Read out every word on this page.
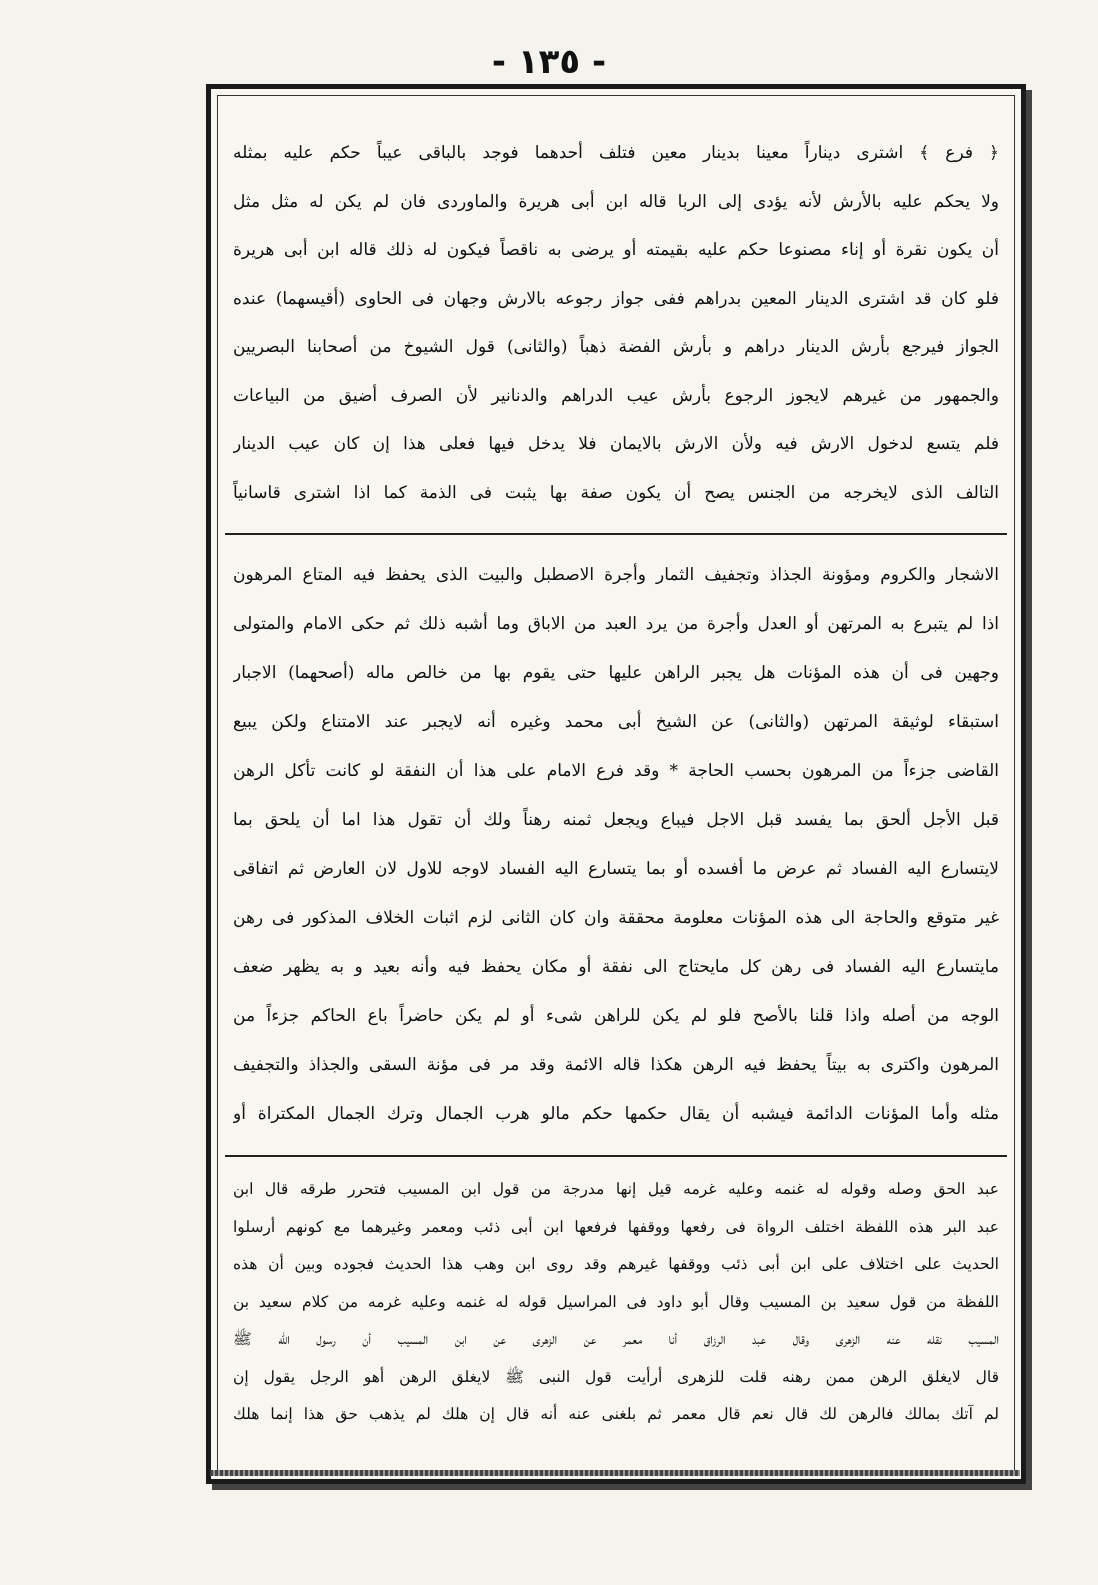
- ١٣٥ -

﴿ فرع ﴾ اشترى ديناراً معينا بدينار معين فتلف أحدهما فوجد بالباقى عيباً حكم عليه بمثله

ولا يحكم عليه بالأرش لأنه يؤدى إلى الربا قاله ابن أبى هريرة والماوردى فان لم يكن له مثل مثل

أن يكون نقرة أو إناء مصنوعا حكم عليه بقيمته أو يرضى به ناقصاً فيكون له ذلك قاله ابن أبى هريرة

فلو كان قد اشترى الدينار المعين بدراهم ففى جواز رجوعه بالارش وجهان فى الحاوى (أقيسهما) عنده

الجواز فيرجع بأرش الدينار دراهم و بأرش الفضة ذهباً (والثانى) قول الشيوخ من أصحابنا البصريين

والجمهور من غيرهم لايجوز الرجوع بأرش عيب الدراهم والدنانير لأن الصرف أضيق من البياعات

فلم يتسع لدخول الارش فيه ولأن الارش بالايمان فلا يدخل فيها فعلى هذا إن كان عيب الدينار

التالف الذى لايخرجه من الجنس يصح أن يكون صفة بها يثبت فى الذمة كما اذا اشترى قاسانياً

الاشجار والكروم ومؤونة الجذاذ وتجفيف الثمار وأجرة الاصطبل والبيت الذى يحفظ فيه المتاع المرهون

اذا لم يتبرع به المرتهن أو العدل وأجرة من يرد العبد من الاباق وما أشبه ذلك ثم حكى الامام والمتولى

وجهين فى أن هذه المؤنات هل يجبر الراهن عليها حتى يقوم بها من خالص ماله (أصحهما) الاجبار

استبقاء لوثيقة المرتهن (والثانى) عن الشيخ أبى محمد وغيره أنه لايجبر عند الامتناع ولكن يبيع

القاضى جزءاً من المرهون بحسب الحاجة * وقد فرع الامام على هذا أن النفقة لو كانت تأكل الرهن

قبل الأجل ألحق بما يفسد قبل الاجل فيباع ويجعل ثمنه رهناً ولك أن تقول هذا اما أن يلحق بما

لايتسارع اليه الفساد ثم عرض ما أفسده أو بما يتسارع اليه الفساد لاوجه للاول لان العارض ثم اتفاقى

غير متوقع والحاجة الى هذه المؤنات معلومة محققة وان كان الثانى لزم اثبات الخلاف المذكور فى رهن

مايتسارع اليه الفساد فى رهن كل مايحتاج الى نفقة أو مكان يحفظ فيه وأنه بعيد و به يظهر ضعف

الوجه من أصله واذا قلنا بالأصح فلو لم يكن للراهن شىء أو لم يكن حاضراً باع الحاكم جزءاً من

المرهون واكترى به بيتاً يحفظ فيه الرهن هكذا قاله الائمة وقد مر فى مؤنة السقى والجذاذ والتجفيف

مثله وأما المؤنات الدائمة فيشبه أن يقال حكمها حكم مالو هرب الجمال وترك الجمال المكتراة أو

عبد الحق وصله وقوله له غنمه وعليه غرمه قيل إنها مدرجة من قول ابن المسيب فتحرر طرقه قال ابن

عبد البر هذه اللفظة اختلف الرواة فى رفعها ووقفها فرفعها ابن أبى ذئب ومعمر وغيرهما مع كونهم أرسلوا

الحديث على اختلاف على ابن أبى ذئب ووقفها غيرهم وقد روى ابن وهب هذا الحديث فجوده وبين أن هذه

اللفظة من قول سعيد بن المسيب وقال أبو داود فى المراسيل قوله له غنمه وعليه غرمه من كلام سعيد بن

المسيب نقله عنه الزهرى وقال عبد الرزاق أنا معمر عن الزهرى عن ابن المسيب أن رسول الله ﷺ

قال لايغلق الرهن ممن رهنه قلت للزهرى أرأيت قول النبى ﷺ لايغلق الرهن أهو الرجل يقول إن

لم آتك بمالك فالرهن لك قال نعم قال معمر ثم بلغنى عنه أنه قال إن هلك لم يذهب حق هذا إنما هلك
